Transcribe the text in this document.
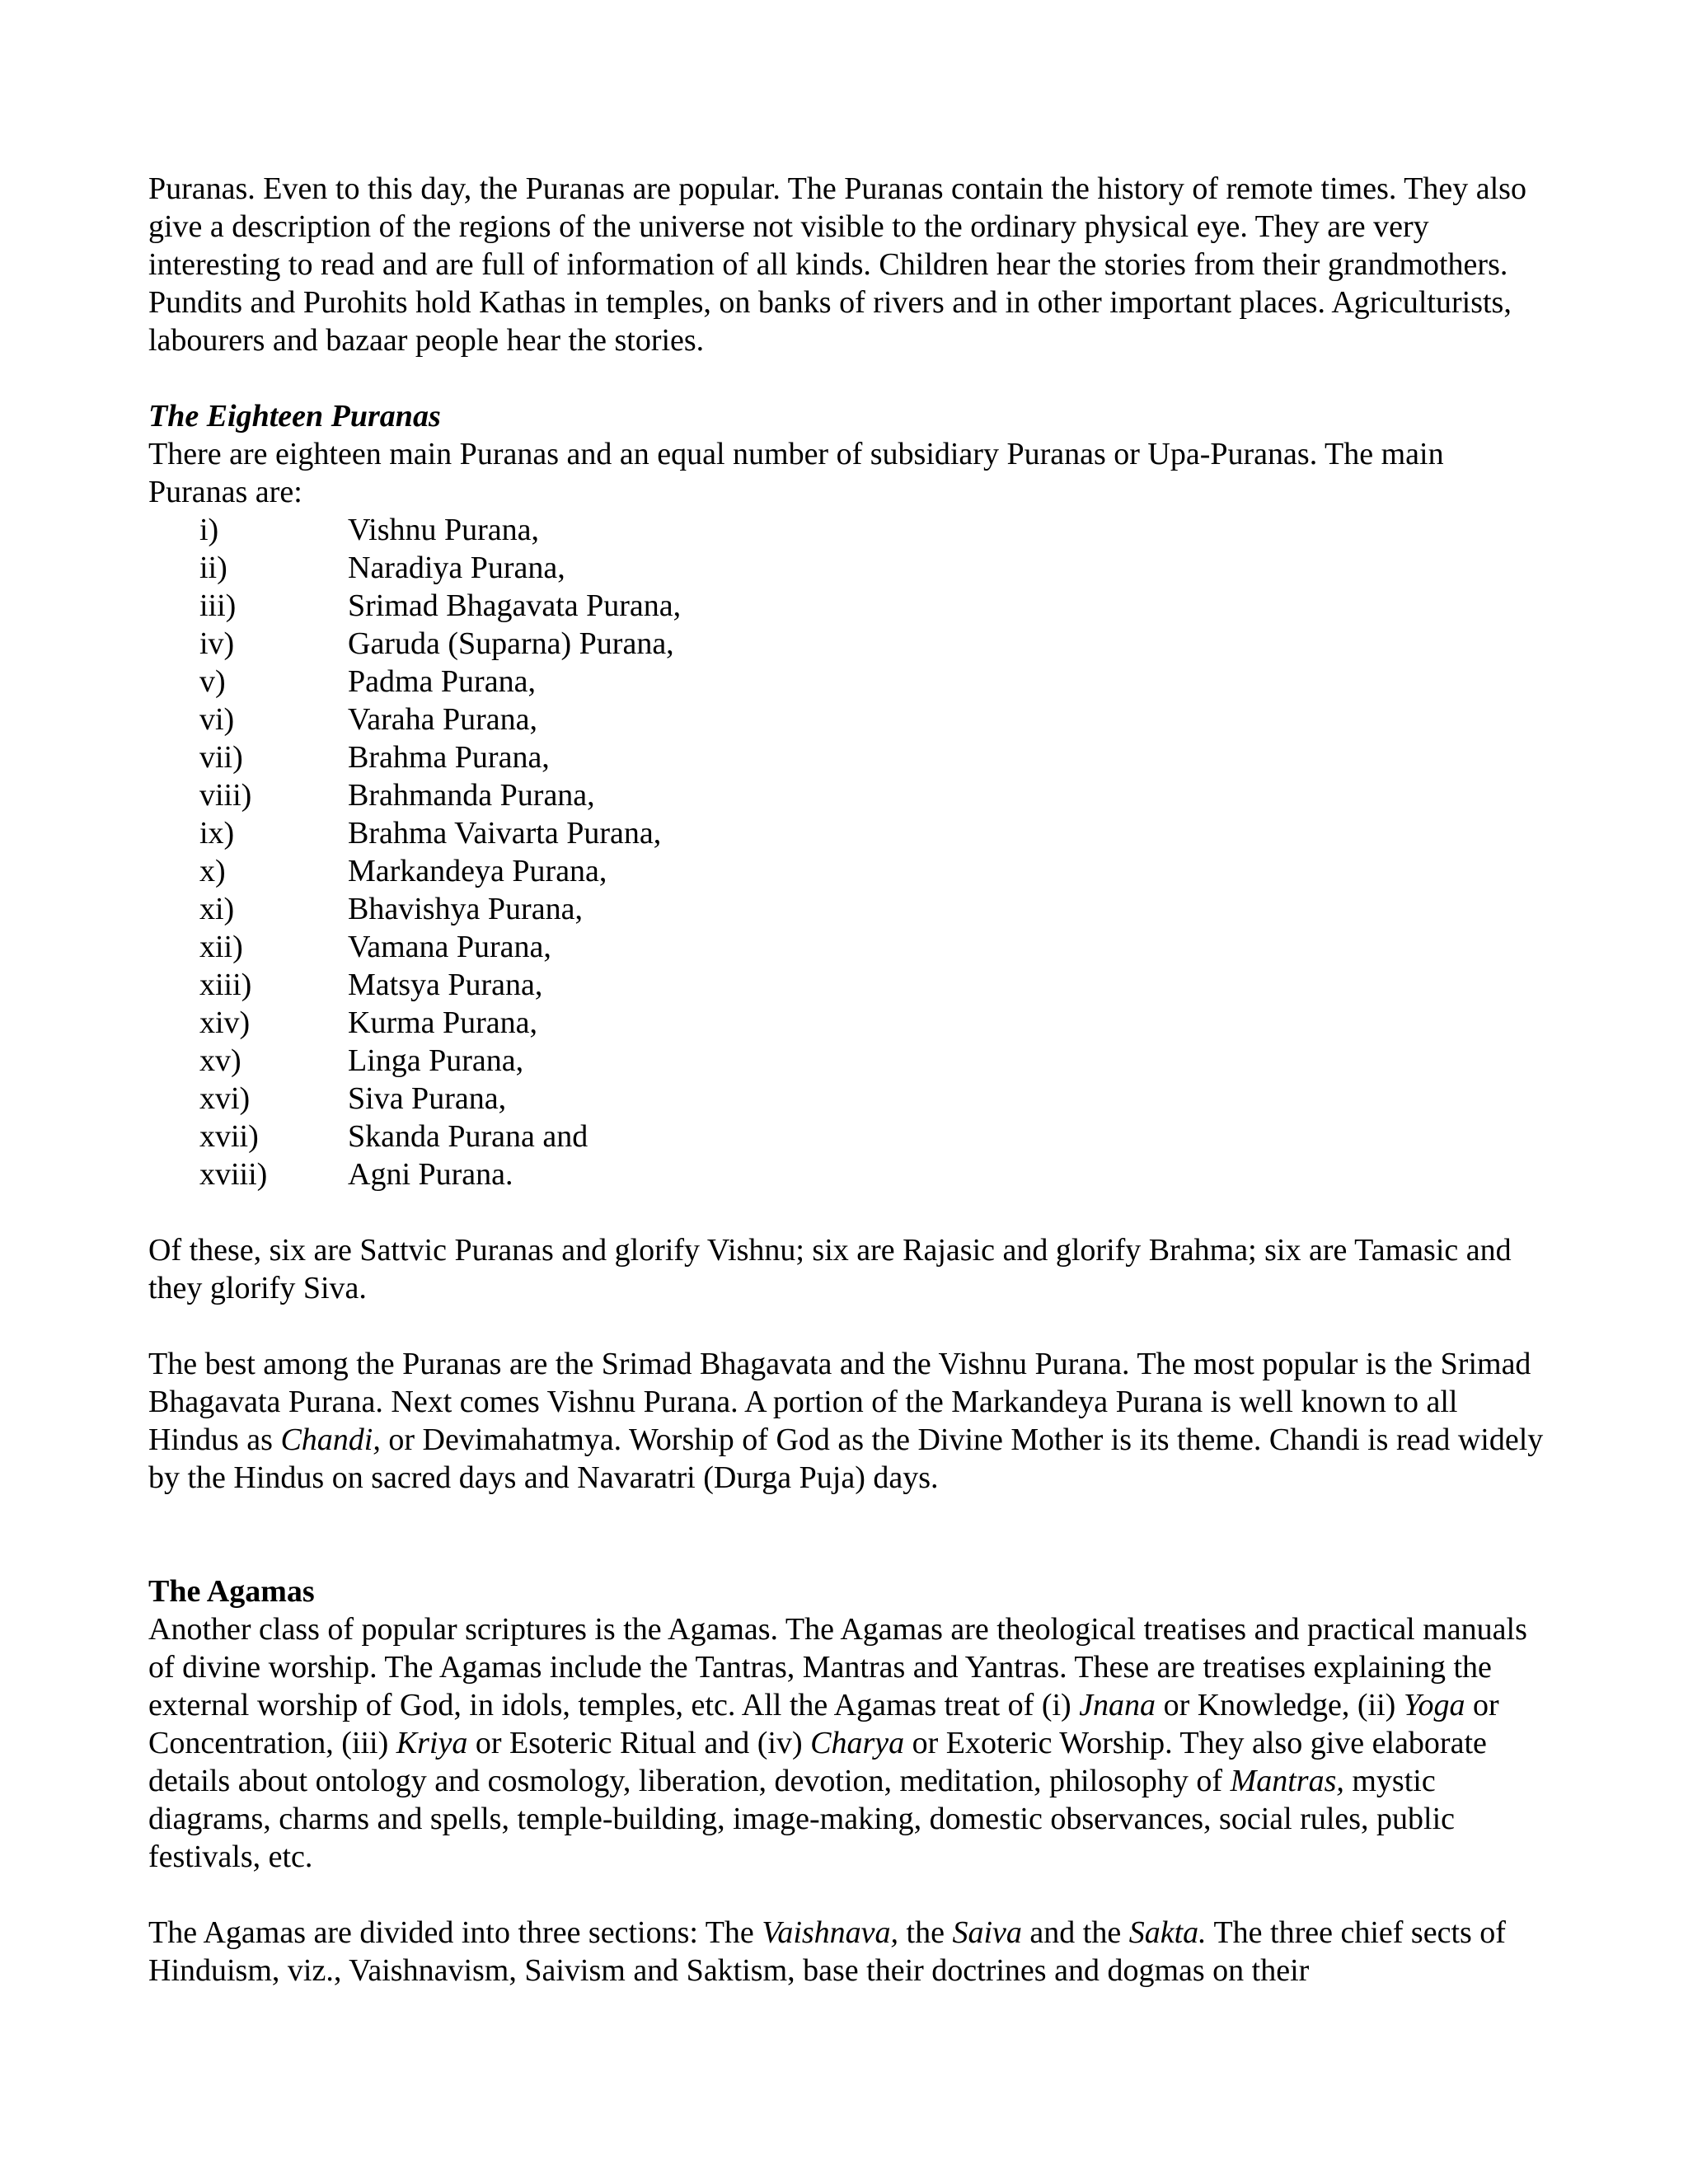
Puranas. Even to this day, the Puranas are popular. The Puranas contain the history of remote times. They also give a description of the regions of the universe not visible to the ordinary physical eye. They are very interesting to read and are full of information of all kinds. Children hear the stories from their grandmothers. Pundits and Purohits hold Kathas in temples, on banks of rivers and in other important places. Agriculturists, labourers and bazaar people hear the stories.

The Eighteen Puranas

There are eighteen main Puranas and an equal number of subsidiary Puranas or Upa-Puranas. The main Puranas are:

i)	Vishnu Purana,
ii)	Naradiya Purana,
iii)	Srimad Bhagavata Purana,
iv)	Garuda (Suparna) Purana,
v)	Padma Purana,
vi)	Varaha Purana,
vii)	Brahma Purana,
viii)	Brahmanda Purana,
ix)	Brahma Vaivarta Purana,
x)	Markandeya Purana,
xi)	Bhavishya Purana,
xii)	Vamana Purana,
xiii)	Matsya Purana,
xiv)	Kurma Purana,
xv)	Linga Purana,
xvi)	Siva Purana,
xvii)	Skanda Purana and
xviii)	Agni Purana.

Of these, six are Sattvic Puranas and glorify Vishnu; six are Rajasic and glorify Brahma; six are Tamasic and they glorify Siva.

The best among the Puranas are the Srimad Bhagavata and the Vishnu Purana. The most popular is the Srimad Bhagavata Purana. Next comes Vishnu Purana. A portion of the Markandeya Purana is well known to all Hindus as Chandi, or Devimahatmya. Worship of God as the Divine Mother is its theme. Chandi is read widely by the Hindus on sacred days and Navaratri (Durga Puja) days.

The Agamas

Another class of popular scriptures is the Agamas. The Agamas are theological treatises and practical manuals of divine worship. The Agamas include the Tantras, Mantras and Yantras. These are treatises explaining the external worship of God, in idols, temples, etc. All the Agamas treat of (i) Jnana or Knowledge, (ii) Yoga or Concentration, (iii) Kriya or Esoteric Ritual and (iv) Charya or Exoteric Worship. They also give elaborate details about ontology and cosmology, liberation, devotion, meditation, philosophy of Mantras, mystic diagrams, charms and spells, temple-building, image-making, domestic observances, social rules, public festivals, etc.

The Agamas are divided into three sections: The Vaishnava, the Saiva and the Sakta. The three chief sects of Hinduism, viz., Vaishnavism, Saivism and Saktism, base their doctrines and dogmas on their
